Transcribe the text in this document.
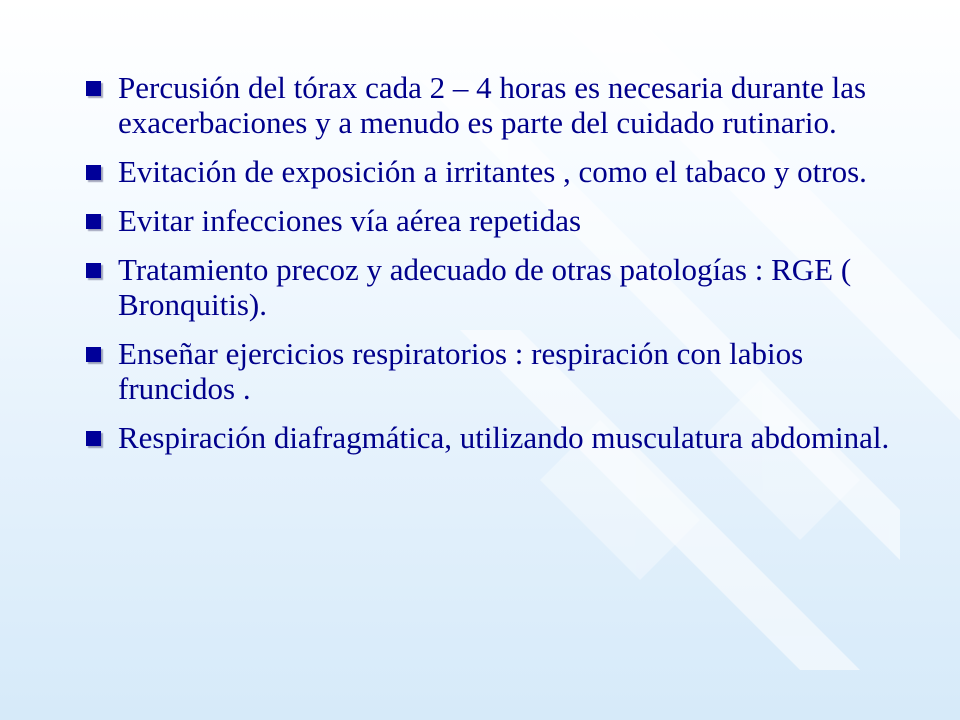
Percusión del tórax cada 2 – 4 horas es necesaria durante las exacerbaciones y a menudo es parte del cuidado rutinario.
Evitación de exposición a irritantes , como el tabaco y otros.
Evitar infecciones vía aérea repetidas
Tratamiento precoz y adecuado de otras patologías : RGE ( Bronquitis).
Enseñar ejercicios respiratorios : respiración con labios fruncidos .
Respiración diafragmática, utilizando musculatura abdominal.
